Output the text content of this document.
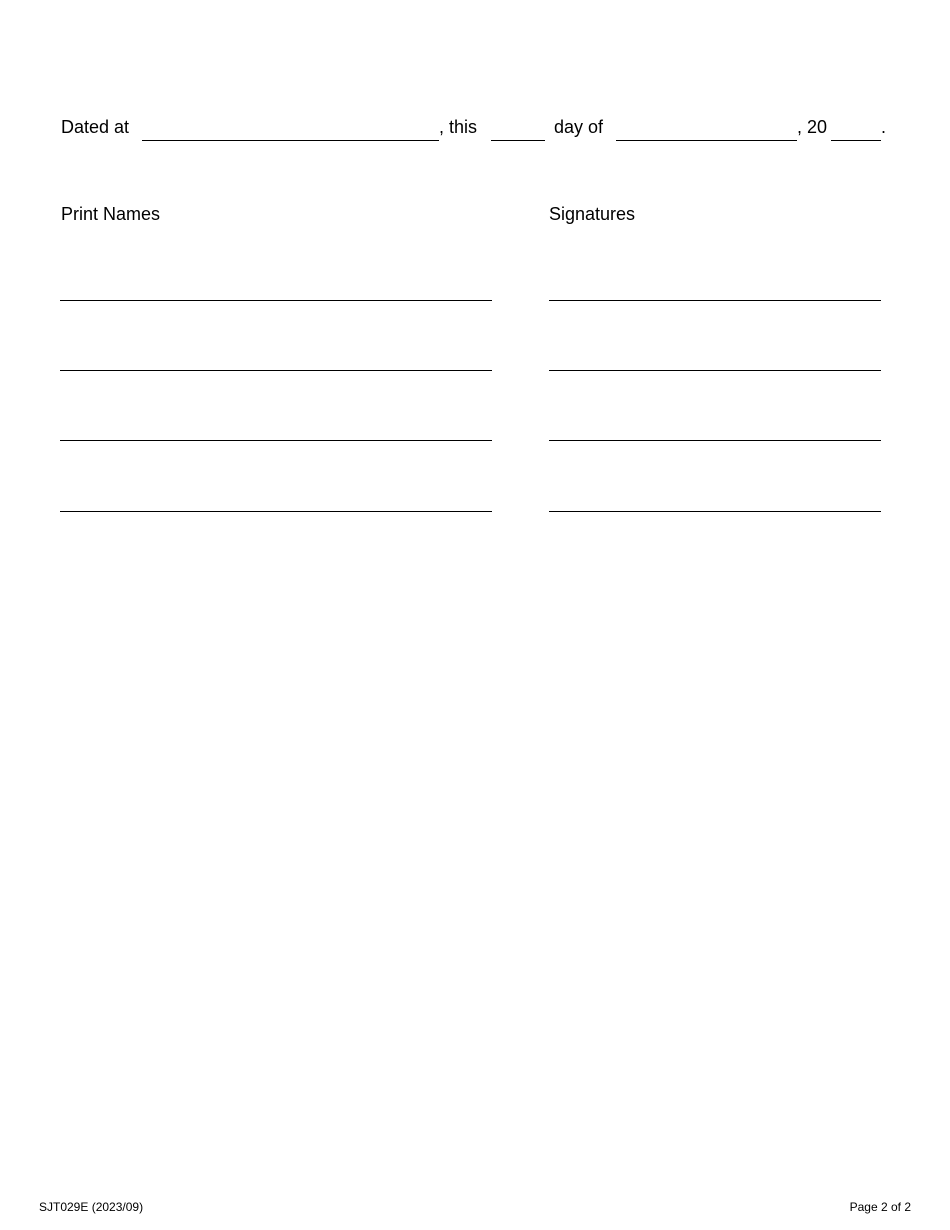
Dated at	, this	day of	, 20	.
Print Names	Signatures
SJT029E (2023/09)	Page 2 of 2
